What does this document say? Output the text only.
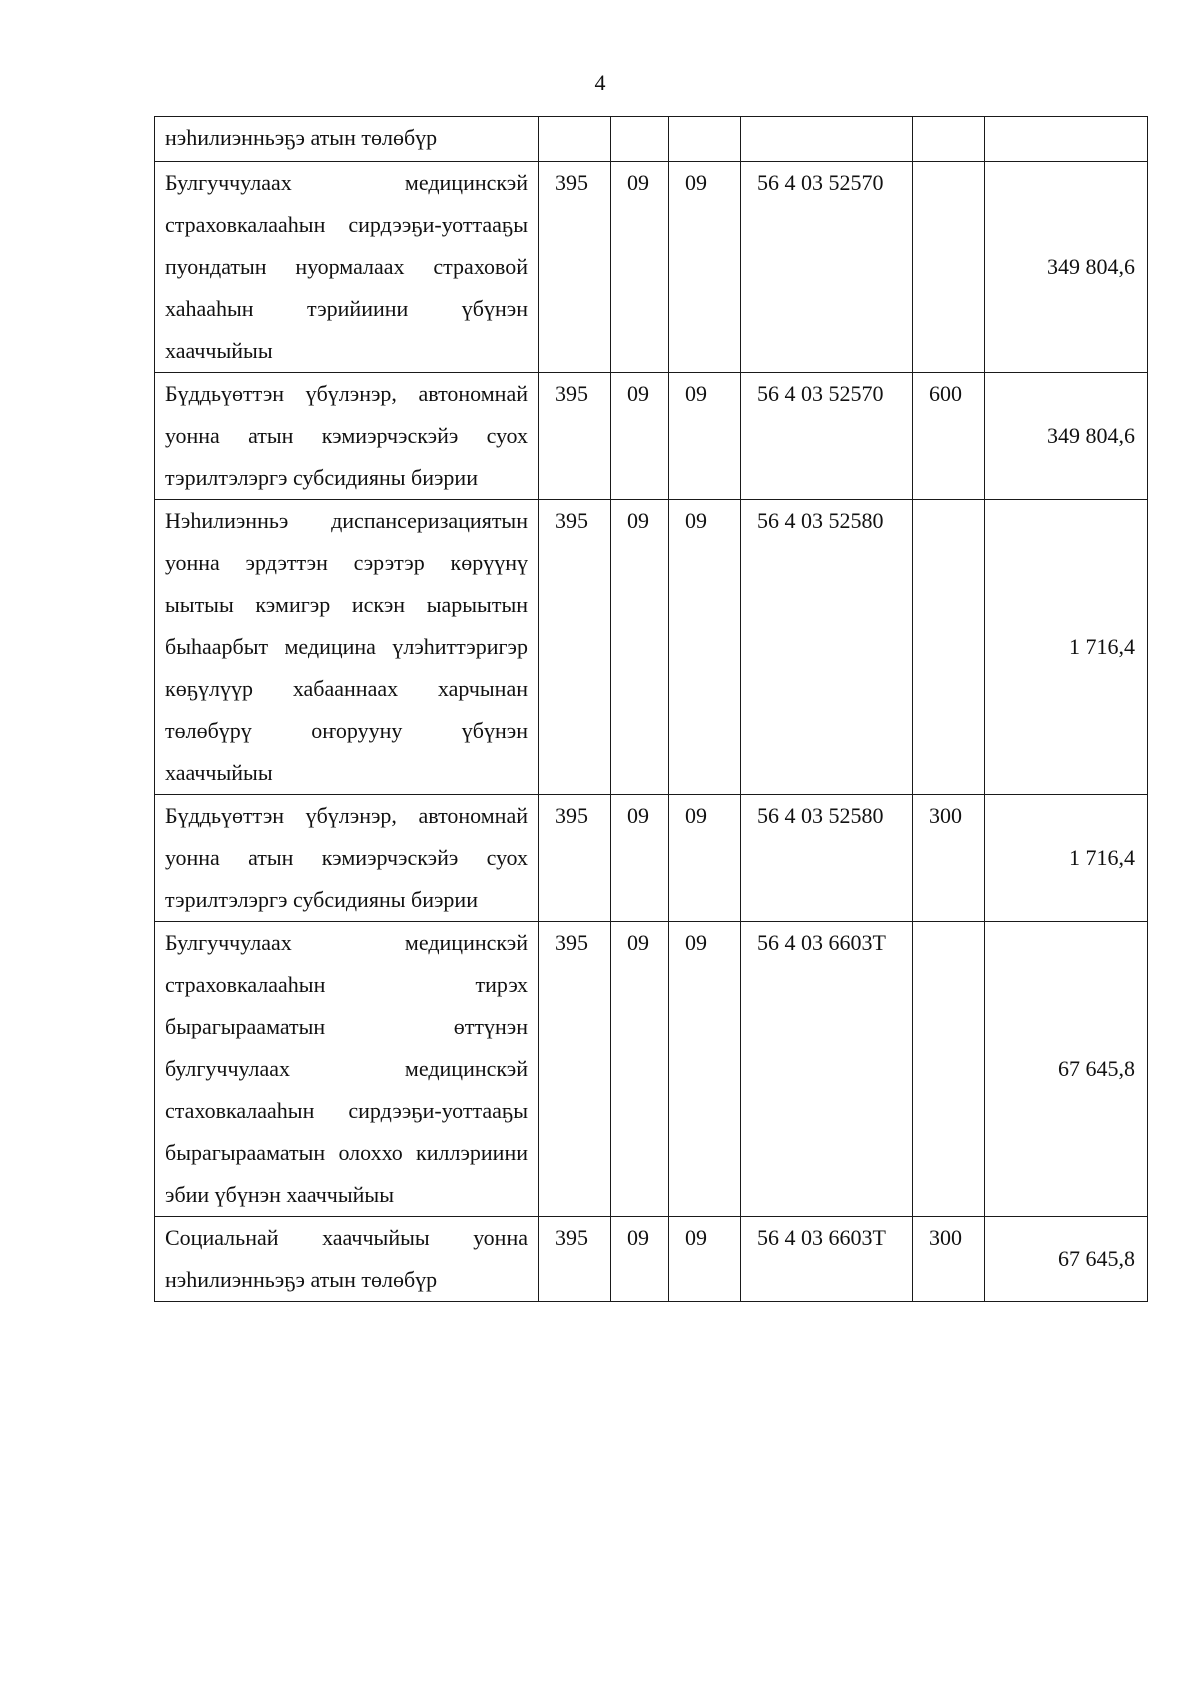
4
нэһилиэнньэҕэ атын төлөбүр						
Булгуччулаах медицинскэй страховкалааһын сирдээҕи-уоттааҕы пуондатын нуормалаах страховой хаһааһын тэрийиини үбүнэн хааччыйыы	395	09	09	56 4 03 52570		349 804,6
Бүддьүөттэн үбүлэнэр, автономнай уонна атын кэмиэрчэскэйэ суох тэрилтэлэргэ субсидияны биэрии	395	09	09	56 4 03 52570	600	349 804,6
Нэһилиэнньэ диспансеризациятын уонна эрдэттэн сэрэтэр көрүүнү ыытыы кэмигэр искэн ыарыытын быһаарбыт медицина үлэһиттэригэр көҕүлүүр хабааннаах харчынан төлөбүрү оҥорууну үбүнэн хааччыйыы	395	09	09	56 4 03 52580		1 716,4
Бүддьүөттэн үбүлэнэр, автономнай уонна атын кэмиэрчэскэйэ суох тэрилтэлэргэ субсидияны биэрии	395	09	09	56 4 03 52580	300	1 716,4
Булгуччулаах медицинскэй страховкалааһын тирэх бырагырааматын өттүнэн булгуччулаах медицинскэй стаховкалааһын сирдээҕи-уоттааҕы бырагырааматын олоххо киллэриини эбии үбүнэн хааччыйыы	395	09	09	56 4 03 6603Т		67 645,8
Социальнай хааччыйыы уонна нэһилиэнньэҕэ атын төлөбүр	395	09	09	56 4 03 6603Т	300	67 645,8
